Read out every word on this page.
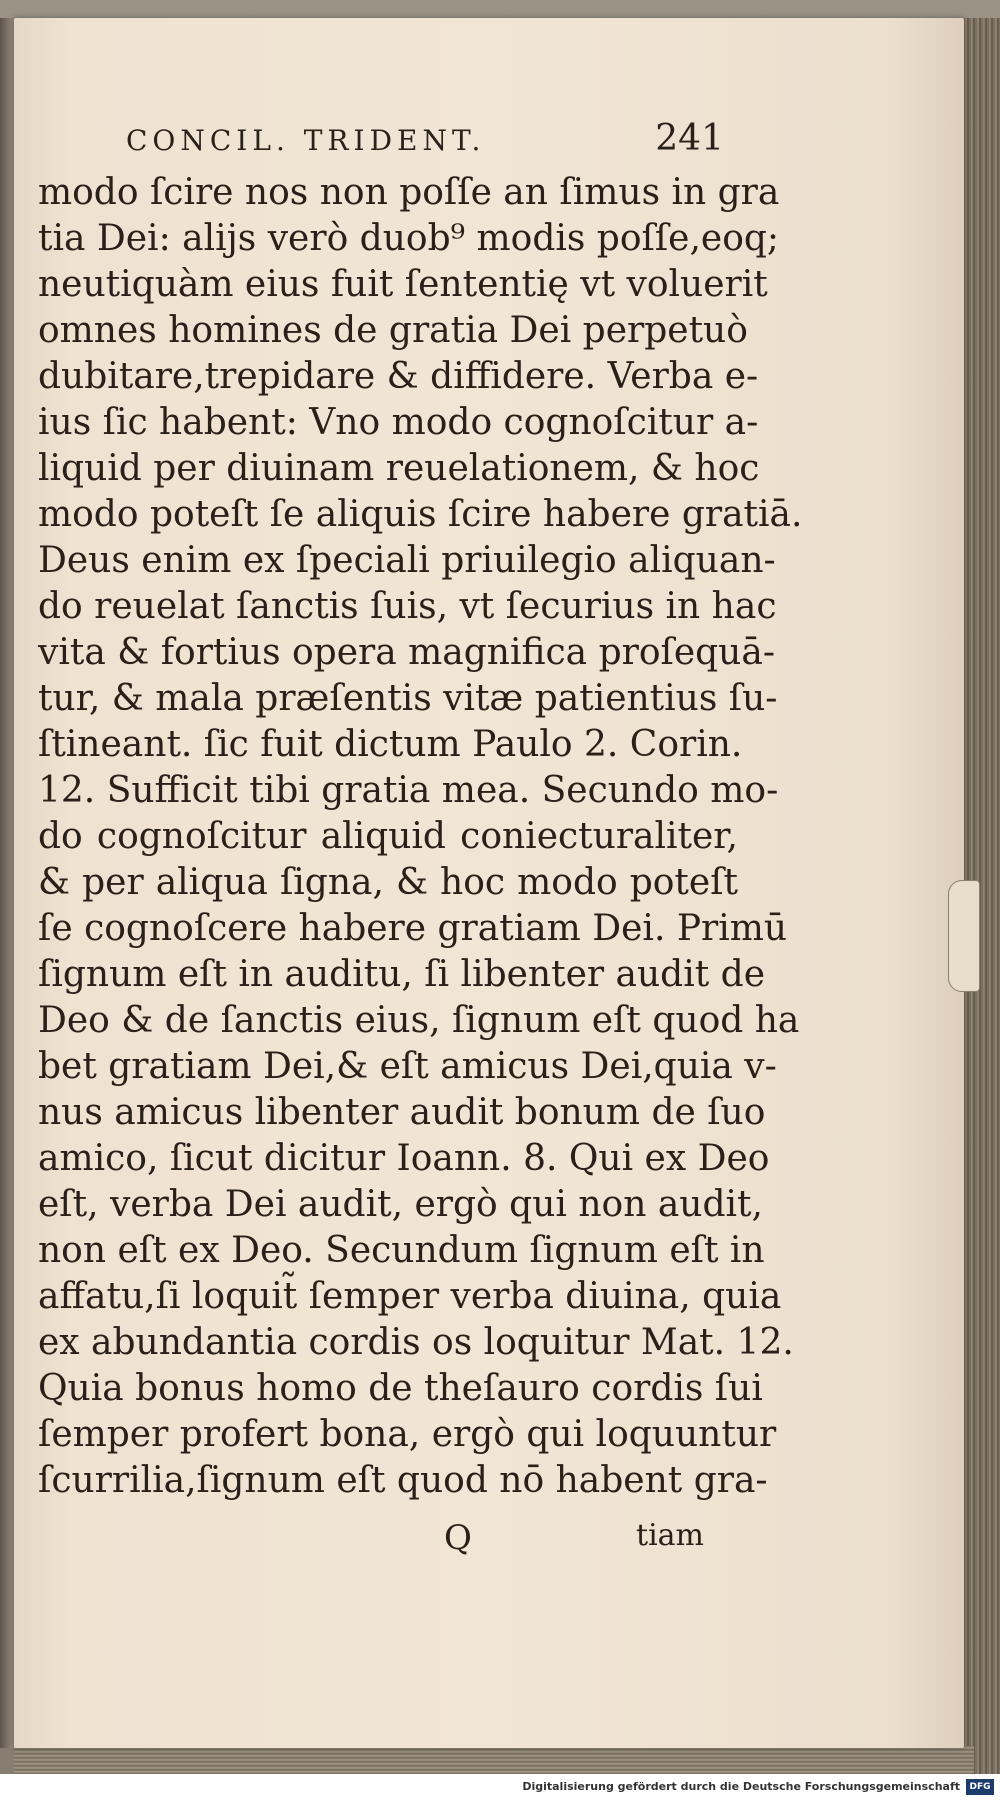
CONCIL. TRIDENT.	241
modo ſcire nos non poſſe an ſimus in gra
tia Dei: alijs verò duob⁹ modis poſſe,eoq;
neutiquàm eius fuit ſententię vt voluerit
omnes homines de gratia Dei perpetuò
dubitare,trepidare & diffidere. Verba e-
ius ſic habent: Vno modo cognoſcitur a-
liquid per diuinam reuelationem, & hoc
modo poteſt ſe aliquis ſcire habere gratiā.
Deus enim ex ſpeciali priuilegio aliquan-
do reuelat ſanctis ſuis, vt ſecurius in hac
vita & fortius opera magnifica proſequā-
tur, & mala præſentis vitæ patientius ſu-
ſtineant. ſic fuit dictum Paulo 2. Corin.
12. Sufficit tibi gratia mea. Secundo mo-
do cognoſcitur aliquid coniecturaliter,
& per aliqua ſigna, & hoc modo poteſt
ſe cognoſcere habere gratiam Dei. Primū
ſignum eſt in auditu, ſi libenter audit de
Deo & de ſanctis eius, ſignum eſt quod ha
bet gratiam Dei,& eſt amicus Dei,quia v-
nus amicus libenter audit bonum de ſuo
amico, ſicut dicitur Ioann. 8. Qui ex Deo
eſt, verba Dei audit, ergò qui non audit,
non eſt ex Deo. Secundum ſignum eſt in
affatu,ſi loquit̃ ſemper verba diuina, quia
ex abundantia cordis os loquitur Mat. 12.
Quia bonus homo de theſauro cordis ſui
ſemper profert bona, ergò qui loquuntur
ſcurrilia,ſignum eſt quod nō habent gra-
Q	tiam
Digitalisierung gefördert durch die Deutsche Forschungsgemeinschaft	DFG
